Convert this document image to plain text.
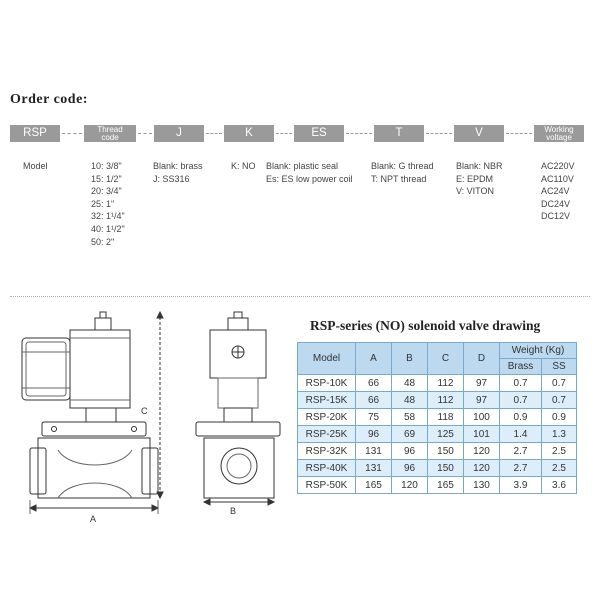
Order code:
RSP	Thread
code	J	K	ES	T	V	Working
voltage
Model	10: 3/8"
15: 1/2"
20: 3/4"
25: 1"
32: 1¹/4"
40: 1¹/2"
50: 2"
Blank: brass
J: SS316
K: NO Blank: plastic seal
Es: ES low power coil
Blank: G thread
T: NPT thread
Blank: NBR
E: EPDM
V: VITON
AC220V
AC110V
AC24V
DC24V
DC12V
A
C
B
RSP-series (NO) solenoid valve drawing
Model	A	B	C	D	Weight (Kg)	
					Brass	SS
RSP-10K	66	48	112	97	0.7	0.7
RSP-15K	66	48	112	97	0.7	0.7
RSP-20K	75	58	118	100	0.9	0.9
RSP-25K	96	69	125	101	1.4	1.3
RSP-32K	131	96	150	120	2.7	2.5
RSP-40K	131	96	150	120	2.7	2.5
RSP-50K	165	120	165	130	3.9	3.6
